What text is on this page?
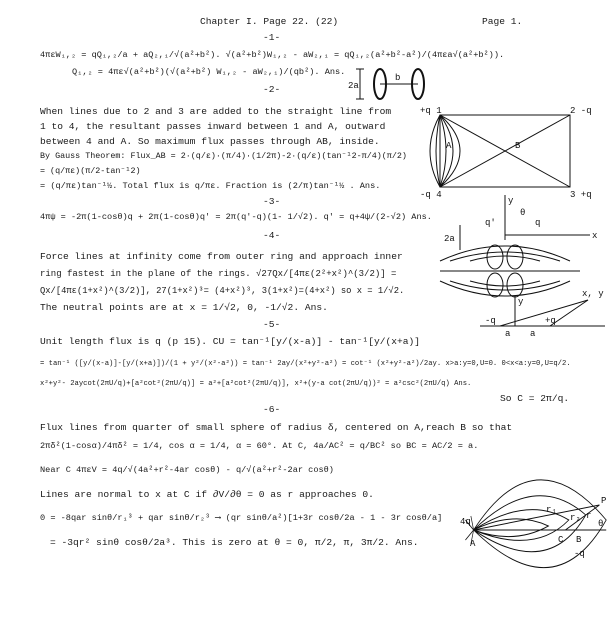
Chapter I. Page 22. (22)	Page 1.
-1-
4πεW₁,₂ = qQ₁,₂/a + aQ₂,₁/√(a²+b²). √(a²+b²)W₁,₂ - aW₂,₁ = qQ₁,₂(a²+b²-a²)/(4πεa√(a²+b²)).
Q₁,₂ = 4πε√(a²+b²)(√(a²+b²) W₁,₂ - aW₂,₁)/(qb²). Ans.
-2-	2a
b
When lines due to 2 and 3 are added to the straight line from
1 to 4, the resultant passes inward between 1 and A, outward
between 4 and A. So maximum flux passes through AB, inside.
By Gauss Theorem: Flux_AB = 2·(q/ε)·(π/4)·(1/2π)-2·(q/ε)(tan⁻¹2-π/4)(π/2) = (q/πε)(π/2-tan⁻¹2)
= (q/πε)tan⁻¹½. Total flux is q/πε. Fraction is (2/π)tan⁻¹½ . Ans.
+q 1	2 -q
-q 4	3 +q
A	B
-3-
4πψ = -2π(1-cosθ)q + 2π(1-cosθ)q' = 2π(q'-q)(1- 1/√2). q' = q+4ψ/(2-√2) Ans.
-4-
Force lines at infinity come from outer ring and approach inner
ring fastest in the plane of the rings. √27Qx/[4πε(2²+x²)^(3/2)] =
Qx/[4πε(1+x²)^(3/2)], 27(1+x²)³= (4+x²)³, 3(1+x²)=(4+x²) so x = 1/√2.
The neutral points are at x = 1/√2, 0, -1/√2. Ans.
2a
y
θ
x
q'	q
-5-
Unit length flux is q (p 15). CU = tan⁻¹[y/(x-a)] - tan⁻¹[y/(x+a)]
= tan⁻¹ ([y/(x-a)]-[y/(x+a)])/(1 + y²/(x²-a²)) = tan⁻¹ 2ay/(x²+y²-a²) = cot⁻¹ (x²+y²-a²)/2ay. x>a:y=0,U=0. 0<x<a:y=0,U=q/2.
x²+y²- 2aycot(2πU/q)+[a²cot²(2πU/q)] = a²+[a²cot²(2πU/q)], x²+(y-a cot(2πU/q))² = a²csc²(2πU/q) Ans.
So C = 2π/q.
x, y
y
-q	+q
a a
-6-
Flux lines from quarter of small sphere of radius δ, centered on A,reach B so that
2πδ²(1-cosα)/4πδ² = 1/4, cos α = 1/4, α = 60°. At C, 4a/AC² = q/BC² so BC = AC/2 = a.
Near C 4πεV = 4q/√(4a²+r²-4ar cosθ) - q/√(a²+r²-2ar cosθ)
Lines are normal to x at C if ∂V/∂θ = 0 as r approaches 0.
0 = -8qar sinθ/r₁³ + qar sinθ/r₂³ ⟶ (qr sinθ/a²)[1+3r cosθ/2a - 1 - 3r cosθ/a]
= -3qr² sinθ cosθ/2a³. This is zero at θ = 0, π/2, π, 3π/2. Ans.
4q
A
P
r₁
r₂ r
θ
C B
-q
